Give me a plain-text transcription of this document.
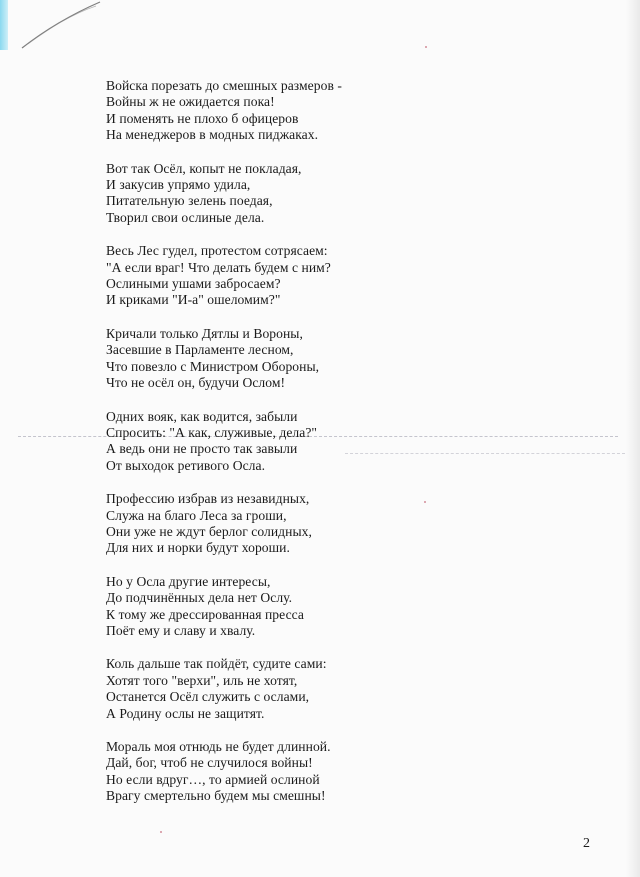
Войска порезать до смешных размеров -
Войны ж не ожидается пока!
И поменять не плохо б офицеров
На менеджеров в модных пиджаках.
Вот так Осёл, копыт не покладая,
И закусив упрямо удила,
Питательную зелень поедая,
Творил свои ослиные дела.
Весь Лес гудел, протестом сотрясаем:
"А если враг! Что делать будем с ним?
Ослиными ушами забросаем?
И криками "И-а" ошеломим?"
Кричали только Дятлы и Вороны,
Засевшие в Парламенте лесном,
Что повезло с Министром Обороны,
Что не осёл он, будучи Ослом!
Одних вояк, как водится, забыли
Спросить: "А как, служивые, дела?"
А ведь они не просто так завыли
От выходок ретивого Осла.
Профессию избрав из незавидных,
Служа на благо Леса за гроши,
Они уже не ждут берлог солидных,
Для них и норки будут хороши.
Но у Осла другие интересы,
До подчинённых дела нет Ослу.
К тому же дрессированная пресса
Поёт ему и славу и хвалу.
Коль дальше так пойдёт, судите сами:
Хотят того "верхи", иль не хотят,
Останется Осёл служить с ослами,
А Родину ослы не защитят.
Мораль моя отнюдь не будет длинной.
Дай, бог, чтоб не случилося войны!
Но если вдруг…, то армией ослиной
Врагу смертельно будем мы смешны!
2
